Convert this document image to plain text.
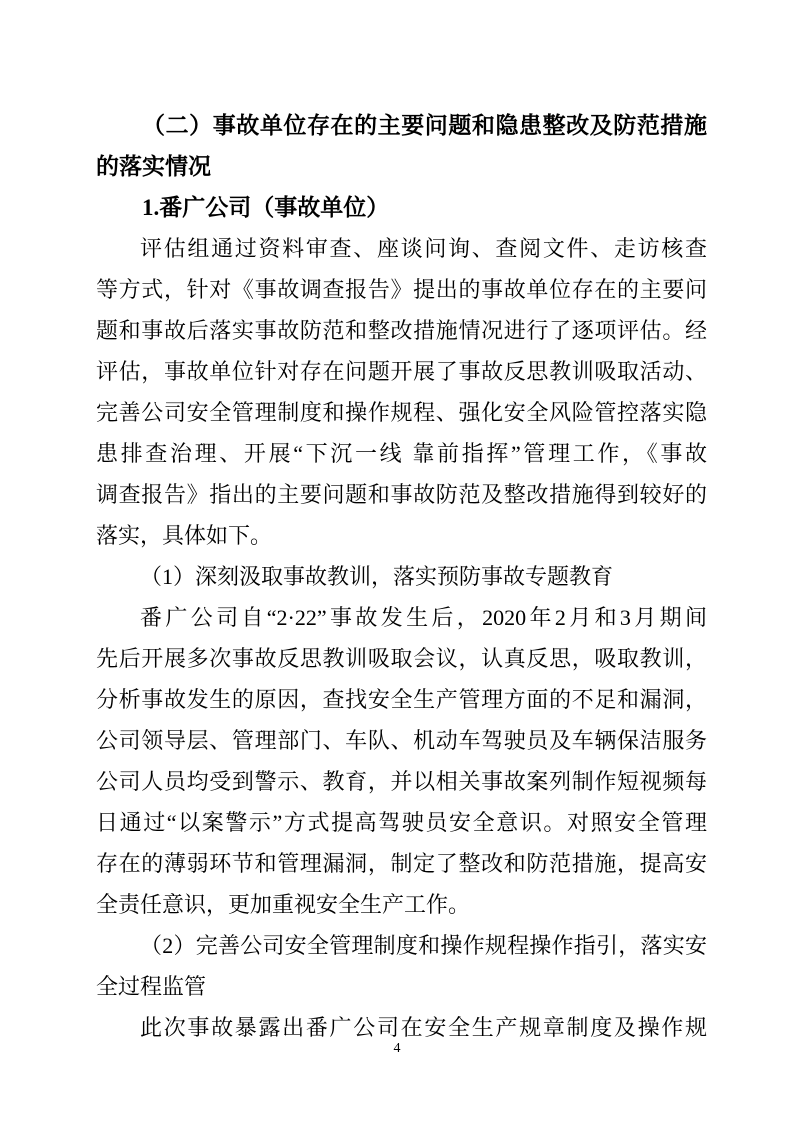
（二）事故单位存在的主要问题和隐患整改及防范措施
的落实情况
1.番广公司（事故单位）
评估组通过资料审查、座谈问询、查阅文件、走访核查
等方式，针对《事故调查报告》提出的事故单位存在的主要问
题和事故后落实事故防范和整改措施情况进行了逐项评估。经
评估，事故单位针对存在问题开展了事故反思教训吸取活动、
完善公司安全管理制度和操作规程、强化安全风险管控落实隐
患排查治理、开展“下沉一线 靠前指挥”管理工作，《事故
调查报告》指出的主要问题和事故防范及整改措施得到较好的
落实，具体如下。
（1）深刻汲取事故教训，落实预防事故专题教育
番广公司自“2·22”事故发生后，2020年2月和3月期间
先后开展多次事故反思教训吸取会议，认真反思，吸取教训，
分析事故发生的原因，查找安全生产管理方面的不足和漏洞，
公司领导层、管理部门、车队、机动车驾驶员及车辆保洁服务
公司人员均受到警示、教育，并以相关事故案列制作短视频每
日通过“以案警示”方式提高驾驶员安全意识。对照安全管理
存在的薄弱环节和管理漏洞，制定了整改和防范措施，提高安
全责任意识，更加重视安全生产工作。
（2）完善公司安全管理制度和操作规程操作指引，落实安
全过程监管
此次事故暴露出番广公司在安全生产规章制度及操作规
4
